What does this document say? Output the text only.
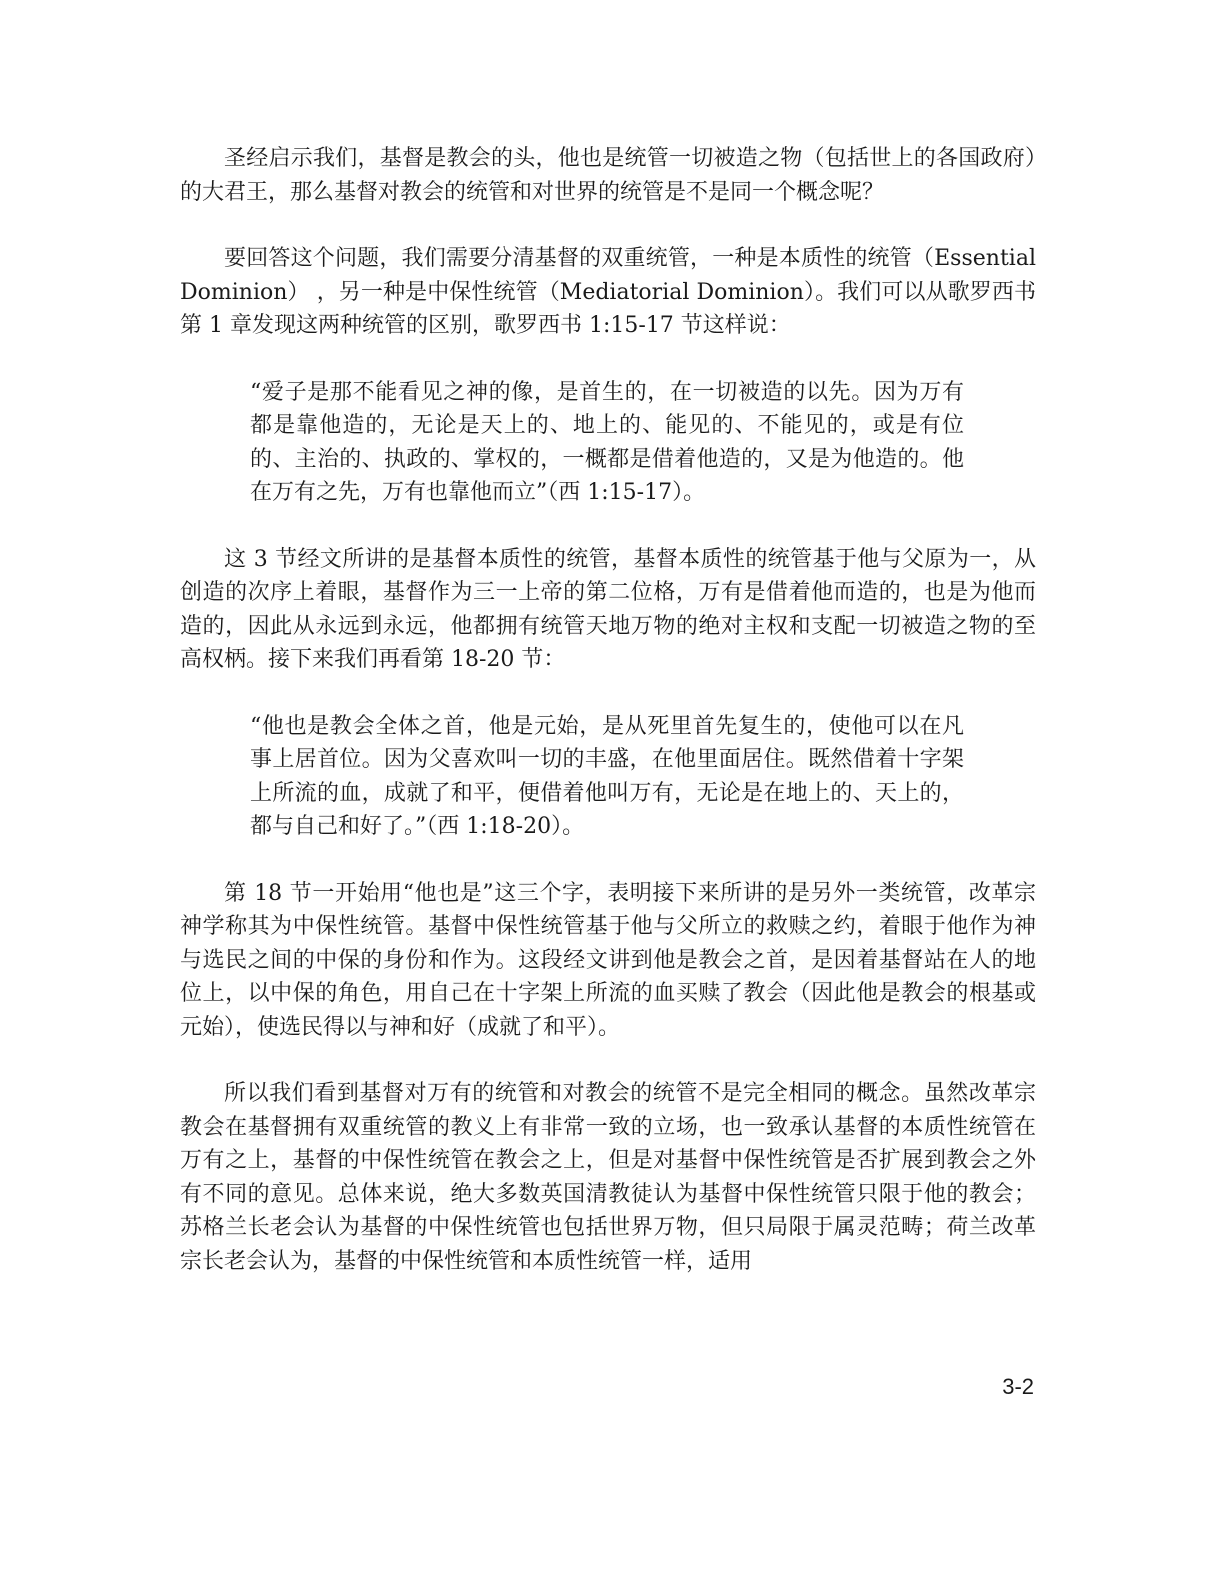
圣经启示我们，基督是教会的头，他也是统管一切被造之物（包括世上的各国政府）的大君王，那么基督对教会的统管和对世界的统管是不是同一个概念呢？

要回答这个问题，我们需要分清基督的双重统管，一种是本质性的统管（Essential Dominion） ，另一种是中保性统管（Mediatorial Dominion）。我们可以从歌罗西书第 1 章发现这两种统管的区别，歌罗西书 1:15-17 节这样说：

“爱子是那不能看见之神的像，是首生的，在一切被造的以先。因为万有都是靠他造的，无论是天上的、地上的、能见的、不能见的，或是有位的、主治的、执政的、掌权的，一概都是借着他造的，又是为他造的。他在万有之先，万有也靠他而立”（西 1:15-17）。

这 3 节经文所讲的是基督本质性的统管，基督本质性的统管基于他与父原为一，从创造的次序上着眼，基督作为三一上帝的第二位格，万有是借着他而造的，也是为他而造的，因此从永远到永远，他都拥有统管天地万物的绝对主权和支配一切被造之物的至高权柄。接下来我们再看第 18-20 节：

“他也是教会全体之首，他是元始，是从死里首先复生的，使他可以在凡事上居首位。因为父喜欢叫一切的丰盛，在他里面居住。既然借着十字架上所流的血，成就了和平，便借着他叫万有，无论是在地上的、天上的，都与自己和好了。”（西 1:18-20）。

第 18 节一开始用“他也是”这三个字，表明接下来所讲的是另外一类统管，改革宗神学称其为中保性统管。基督中保性统管基于他与父所立的救赎之约，着眼于他作为神与选民之间的中保的身份和作为。这段经文讲到他是教会之首，是因着基督站在人的地位上，以中保的角色，用自己在十字架上所流的血买赎了教会（因此他是教会的根基或元始），使选民得以与神和好（成就了和平）。

所以我们看到基督对万有的统管和对教会的统管不是完全相同的概念。虽然改革宗教会在基督拥有双重统管的教义上有非常一致的立场，也一致承认基督的本质性统管在万有之上，基督的中保性统管在教会之上，但是对基督中保性统管是否扩展到教会之外有不同的意见。总体来说，绝大多数英国清教徒认为基督中保性统管只限于他的教会；苏格兰长老会认为基督的中保性统管也包括世界万物，但只局限于属灵范畴；荷兰改革宗长老会认为，基督的中保性统管和本质性统管一样，适用

3-2
